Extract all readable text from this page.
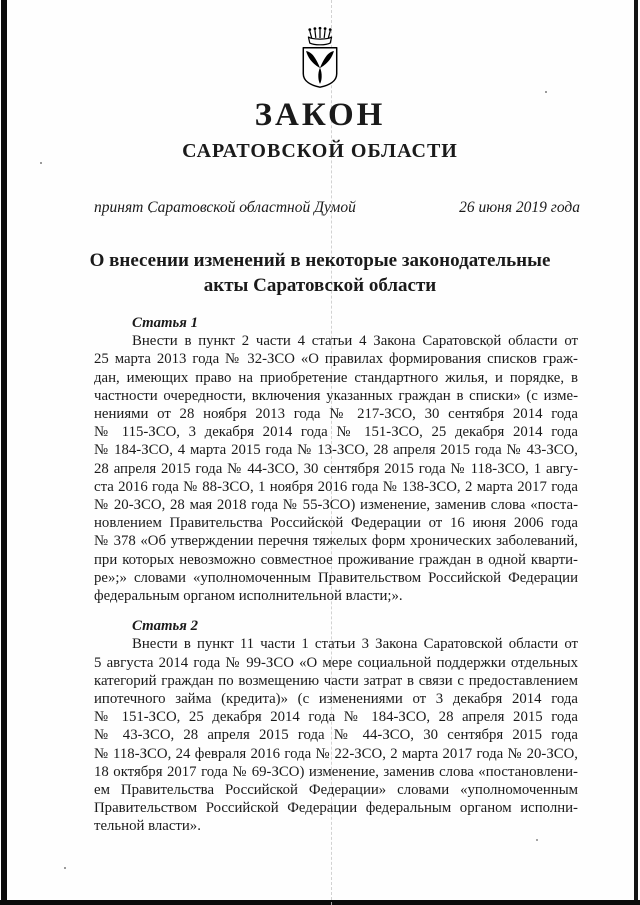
ЗАКОН
САРАТОВСКОЙ ОБЛАСТИ
принят Саратовской областной Думой	26 июня 2019 года
О внесении изменений в некоторые законодательные
акты Саратовской области
Статья 1
Внести в пункт 2 части 4 статьи 4 Закона Саратовской области от
25 марта 2013 года № 32-ЗСО «О правилах формирования списков граж-
дан, имеющих право на приобретение стандартного жилья, и порядке, в
частности очередности, включения указанных граждан в списки» (с изме-
нениями от 28 ноября 2013 года № 217-ЗСО, 30 сентября 2014 года
№ 115-ЗСО, 3 декабря 2014 года № 151-ЗСО, 25 декабря 2014 года
№ 184-ЗСО, 4 марта 2015 года № 13-ЗСО, 28 апреля 2015 года № 43-ЗСО,
28 апреля 2015 года № 44-ЗСО, 30 сентября 2015 года № 118-ЗСО, 1 авгу-
ста 2016 года № 88-ЗСО, 1 ноября 2016 года № 138-ЗСО, 2 марта 2017 года
№ 20-ЗСО, 28 мая 2018 года № 55-ЗСО) изменение, заменив слова «поста-
новлением Правительства Российской Федерации от 16 июня 2006 года
№ 378 «Об утверждении перечня тяжелых форм хронических заболеваний,
при которых невозможно совместное проживание граждан в одной кварти-
ре»;» словами «уполномоченным Правительством Российской Федерации
федеральным органом исполнительной власти;».
Статья 2
Внести в пункт 11 части 1 статьи 3 Закона Саратовской области от
5 августа 2014 года № 99-ЗСО «О мере социальной поддержки отдельных
категорий граждан по возмещению части затрат в связи с предоставлением
ипотечного займа (кредита)» (с изменениями от 3 декабря 2014 года
№ 151-ЗСО, 25 декабря 2014 года № 184-ЗСО, 28 апреля 2015 года
№ 43-ЗСО, 28 апреля 2015 года № 44-ЗСО, 30 сентября 2015 года
№ 118-ЗСО, 24 февраля 2016 года № 22-ЗСО, 2 марта 2017 года № 20-ЗСО,
18 октября 2017 года № 69-ЗСО) изменение, заменив слова «постановлени-
ем Правительства Российской Федерации» словами «уполномоченным
Правительством Российской Федерации федеральным органом исполни-
тельной власти».
